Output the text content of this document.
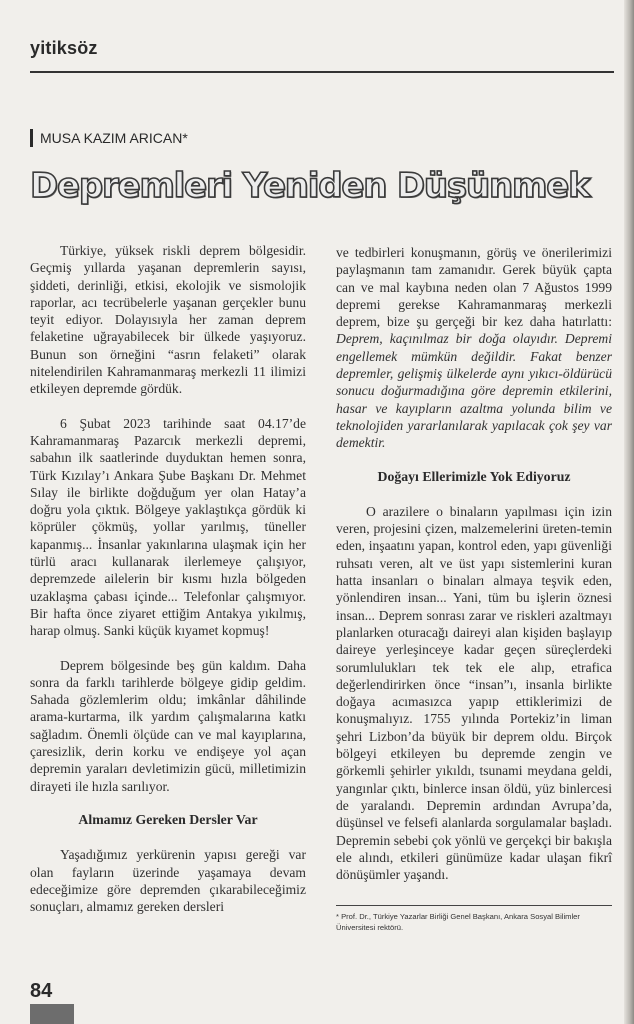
yitiksöz
MUSA KAZIM ARICAN*
Depremleri Yeniden Düşünmek

Türkiye, yüksek riskli deprem bölgesidir. Geçmiş yıllarda yaşanan depremlerin sayısı, şiddeti, derinliği, etkisi, ekolojik ve sismolojik raporlar, acı tecrübelerle yaşanan gerçekler bunu teyit ediyor. Dolayısıyla her zaman deprem felaketine uğrayabilecek bir ülkede yaşıyoruz. Bunun son örneğini “asrın felaketi” olarak nitelendirilen Kahramanmaraş merkezli 11 ilimizi etkileyen depremde gördük.

6 Şubat 2023 tarihinde saat 04.17’de Kahramanmaraş Pazarcık merkezli depremi, sabahın ilk saatlerinde duyduktan hemen sonra, Türk Kızılay’ı Ankara Şube Başkanı Dr. Mehmet Sılay ile birlikte doğduğum yer olan Hatay’a doğru yola çıktık. Bölgeye yaklaştıkça gördük ki köprüler çökmüş, yollar yarılmış, tüneller kapanmış... İnsanlar yakınlarına ulaşmak için her türlü aracı kullanarak ilerlemeye çalışıyor, depremzede ailelerin bir kısmı hızla bölgeden uzaklaşma çabası içinde... Telefonlar çalışmıyor. Bir hafta önce ziyaret ettiğim Antakya yıkılmış, harap olmuş. Sanki küçük kıyamet kopmuş!

Deprem bölgesinde beş gün kaldım. Daha sonra da farklı tarihlerde bölgeye gidip geldim. Sahada gözlemlerim oldu; imkânlar dâhilinde arama-kurtarma, ilk yardım çalışmalarına katkı sağladım. Önemli ölçüde can ve mal kayıplarına, çaresizlik, derin korku ve endişeye yol açan depremin yaraları devletimizin gücü, milletimizin dirayeti ile hızla sarılıyor.

Almamız Gereken Dersler Var

Yaşadığımız yerkürenin yapısı gereği var olan fayların üzerinde yaşamaya devam edeceğimize göre depremden çıkarabileceğimiz sonuçları, almamız gereken dersleri

ve tedbirleri konuşmanın, görüş ve önerilerimizi paylaşmanın tam zamanıdır. Gerek büyük çapta can ve mal kaybına neden olan 7 Ağustos 1999 depremi gerekse Kahramanmaraş merkezli deprem, bize şu gerçeği bir kez daha hatırlattı: Deprem, kaçınılmaz bir doğa olayıdır. Depremi engellemek mümkün değildir. Fakat benzer depremler, gelişmiş ülkelerde aynı yıkıcı-öldürücü sonucu doğurmadığına göre depremin etkilerini, hasar ve kayıpların azaltma yolunda bilim ve teknolojiden yararlanılarak yapılacak çok şey var demektir.

Doğayı Ellerimizle Yok Ediyoruz

O arazilere o binaların yapılması için izin veren, projesini çizen, malzemelerini üreten-temin eden, inşaatını yapan, kontrol eden, yapı güvenliği ruhsatı veren, alt ve üst yapı sistemlerini kuran hatta insanları o binaları almaya teşvik eden, yönlendiren insan... Yani, tüm bu işlerin öznesi insan... Deprem sonrası zarar ve riskleri azaltmayı planlarken oturacağı daireyi alan kişiden başlayıp daireye yerleşinceye kadar geçen süreçlerdeki sorumlulukları tek tek ele alıp, etrafica değerlendirirken önce “insan”ı, insanla birlikte doğaya acımasızca yapıp ettiklerimizi de konuşmalıyız. 1755 yılında Portekiz’in liman şehri Lizbon’da büyük bir deprem oldu. Birçok bölgeyi etkileyen bu depremde zengin ve görkemli şehirler yıkıldı, tsunami meydana geldi, yangınlar çıktı, binlerce insan öldü, yüz binlercesi de yaralandı. Depremin ardından Avrupa’da, düşünsel ve felsefi alanlarda sorgulamalar başladı. Depremin sebebi çok yönlü ve gerçekçi bir bakışla ele alındı, etkileri günümüze kadar ulaşan fikrî dönüşümler yaşandı.

* Prof. Dr., Türkiye Yazarlar Birliği Genel Başkanı, Ankara Sosyal Bilimler Üniversitesi rektörü.
84
